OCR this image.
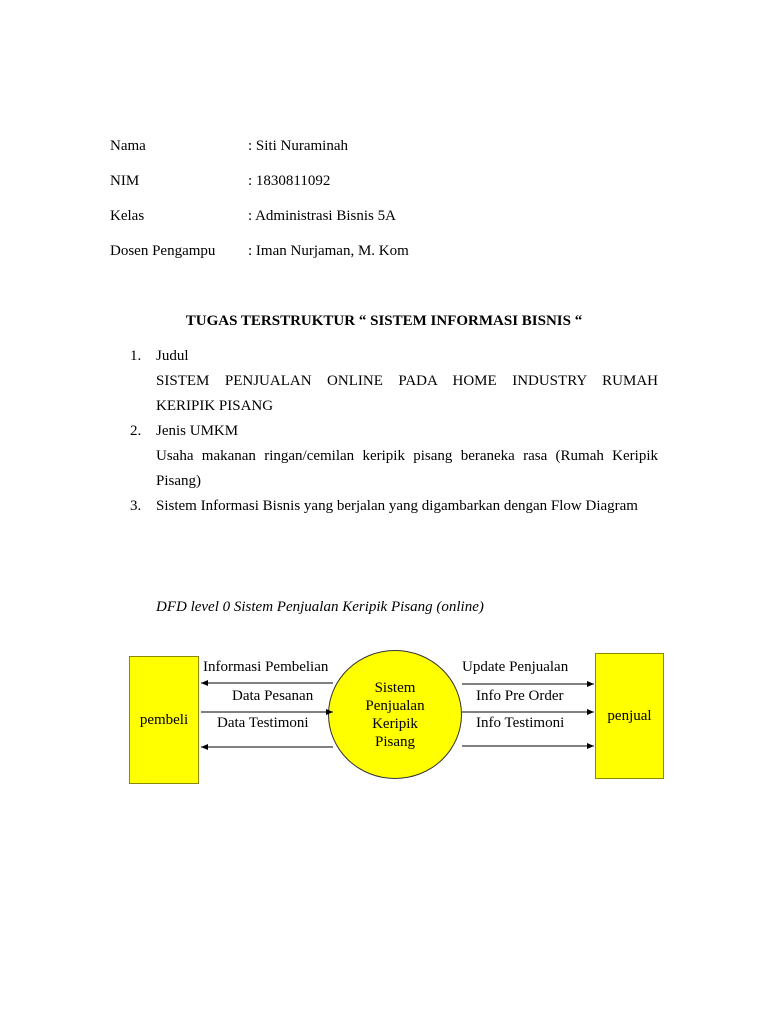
Nama	: Siti Nuraminah
NIM	: 1830811092
Kelas	: Administrasi Bisnis 5A
Dosen Pengampu : Iman Nurjaman, M. Kom
TUGAS TERSTRUKTUR “ SISTEM INFORMASI BISNIS “
1. Judul
SISTEM PENJUALAN ONLINE PADA HOME INDUSTRY RUMAH
KERIPIK PISANG
2. Jenis UMKM
Usaha makanan ringan/cemilan keripik pisang beraneka rasa (Rumah Keripik
Pisang)
3. Sistem Informasi Bisnis yang berjalan yang digambarkan dengan Flow Diagram
DFD level 0 Sistem Penjualan Keripik Pisang (online)
pembeli	penjual
Sistem
Penjualan
Keripik
Pisang
Informasi Pembelian
Data Pesanan
Data Testimoni
Update Penjualan
Info Pre Order
Info Testimoni
